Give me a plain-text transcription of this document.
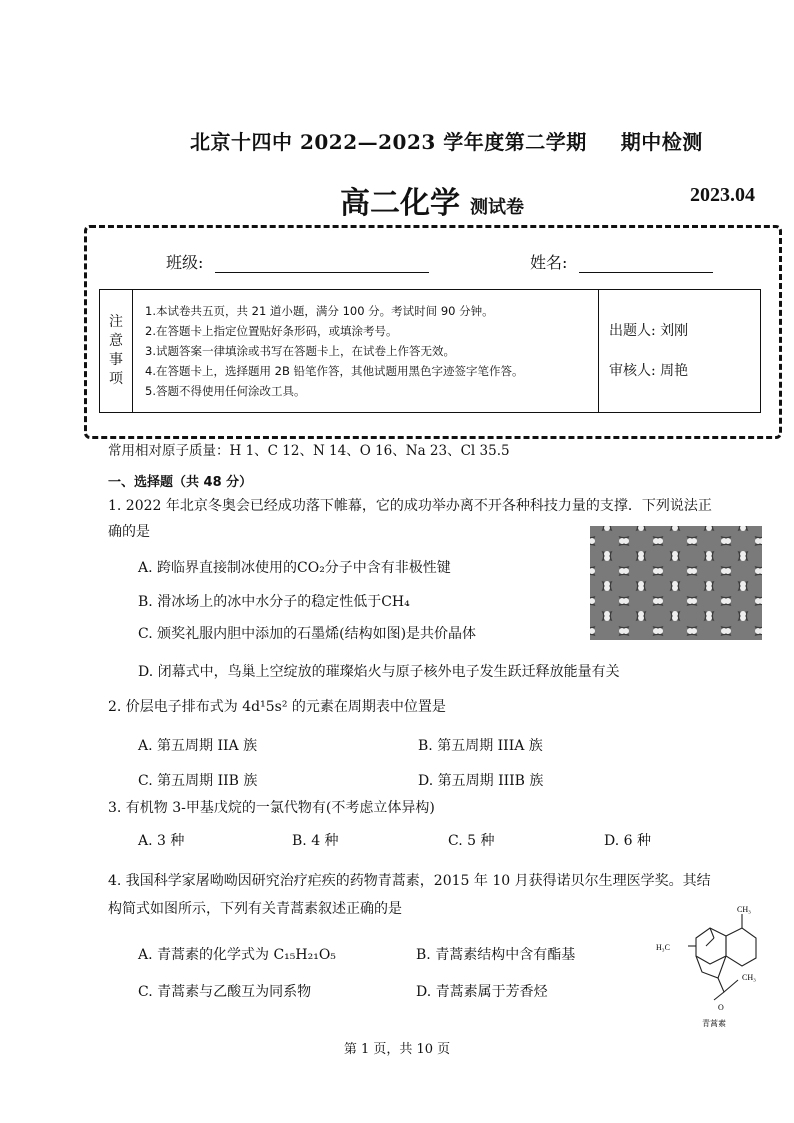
北京十四中 2022—2023 学年度第二学期 期中检测
高二化学 测试卷
2023.04
班级:	姓名:
注
意
事
项

1.本试卷共五页，共 21 道小题，满分 100 分。考试时间 90 分钟。
2.在答题卡上指定位置贴好条形码，或填涂考号。
3.试题答案一律填涂或书写在答题卡上，在试卷上作答无效。
4.在答题卡上，选择题用 2B 铅笔作答，其他试题用黑色字迹签字笔作答。
5.答题不得使用任何涂改工具。

出题人: 刘刚
审核人: 周艳
常用相对原子质量：H 1、C 12、N 14、O 16、Na 23、Cl 35.5
一、选择题（共 48 分）
1. 2022 年北京冬奥会已经成功落下帷幕，它的成功举办离不开各种科技力量的支撑．下列说法正
确的是
A. 跨临界直接制冰使用的CO₂分子中含有非极性键
B. 滑冰场上的冰中水分子的稳定性低于CH₄
C. 颁奖礼服内胆中添加的石墨烯(结构如图)是共价晶体
D. 闭幕式中，鸟巢上空绽放的璀璨焰火与原子核外电子发生跃迁释放能量有关
2. 价层电子排布式为 4d¹5s² 的元素在周期表中位置是
A. 第五周期 IIA 族	B. 第五周期 IIIA 族
C. 第五周期 IIB 族	D. 第五周期 IIIB 族
3. 有机物 3-甲基戊烷的一氯代物有(不考虑立体异构)
A. 3 种	B. 4 种	C. 5 种	D. 6 种
4. 我国科学家屠呦呦因研究治疗疟疾的药物青蒿素，2015 年 10 月获得诺贝尔生理医学奖。其结
构简式如图所示，下列有关青蒿素叙述正确的是
A. 青蒿素的化学式为 C₁₅H₂₁O₅	B. 青蒿素结构中含有酯基
C. 青蒿素与乙酸互为同系物	D. 青蒿素属于芳香烃
CH₃
H₃C
CH₃
O
青蒿素
第 1 页，共 10 页
